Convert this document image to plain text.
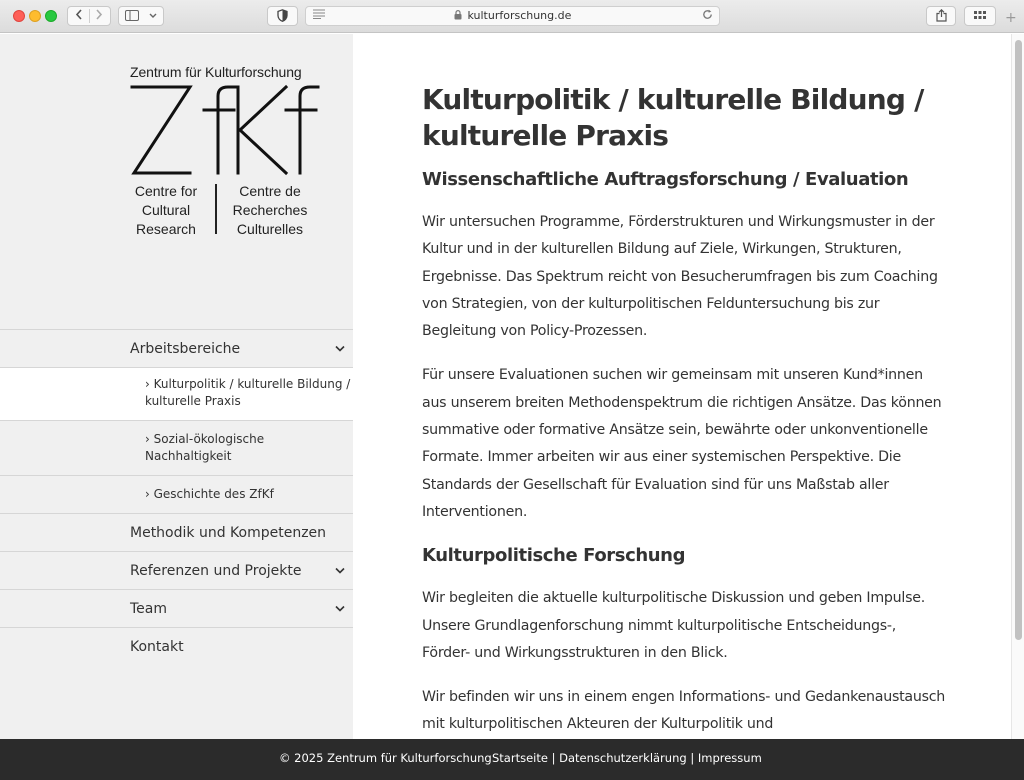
kulturforschung.de	+
Zentrum für Kulturforschung
Centre for
Cultural
Research
Centre de
Recherches
Culturelles
Arbeitsbereiche
› Kulturpolitik / kulturelle Bildung / kulturelle Praxis
› Sozial-ökologische Nachhaltigkeit
› Geschichte des ZfKf
Methodik und Kompetenzen
Referenzen und Projekte
Team
Kontakt
Kulturpolitik / kulturelle Bildung / kulturelle Praxis
Wissenschaftliche Auftragsforschung / Evaluation

Wir untersuchen Programme, Förderstrukturen und Wirkungsmuster in der Kultur und in der kulturellen Bildung auf Ziele, Wirkungen, Strukturen, Ergebnisse. Das Spektrum reicht von Besucherumfragen bis zum Coaching von Strategien, von der kulturpolitischen Felduntersuchung bis zur Begleitung von Policy-Prozessen.

Für unsere Evaluationen suchen wir gemeinsam mit unseren Kund*innen aus unserem breiten Methodenspektrum die richtigen Ansätze. Das können summative oder formative Ansätze sein, bewährte oder unkonventionelle Formate. Immer arbeiten wir aus einer systemischen Perspektive. Die Standards der Gesellschaft für Evaluation sind für uns Maßstab aller Interventionen.

Kulturpolitische Forschung

Wir begleiten die aktuelle kulturpolitische Diskussion und geben Impulse. Unsere Grundlagenforschung nimmt kulturpolitische Entscheidungs-, Förder- und Wirkungsstrukturen in den Blick.

Wir befinden wir uns in einem engen Informations- und Gedankenaustausch mit kulturpolitischen Akteuren der Kulturpolitik und

© 2025 Zentrum für Kulturforschung Startseite | Datenschutzerklärung | Impressum
